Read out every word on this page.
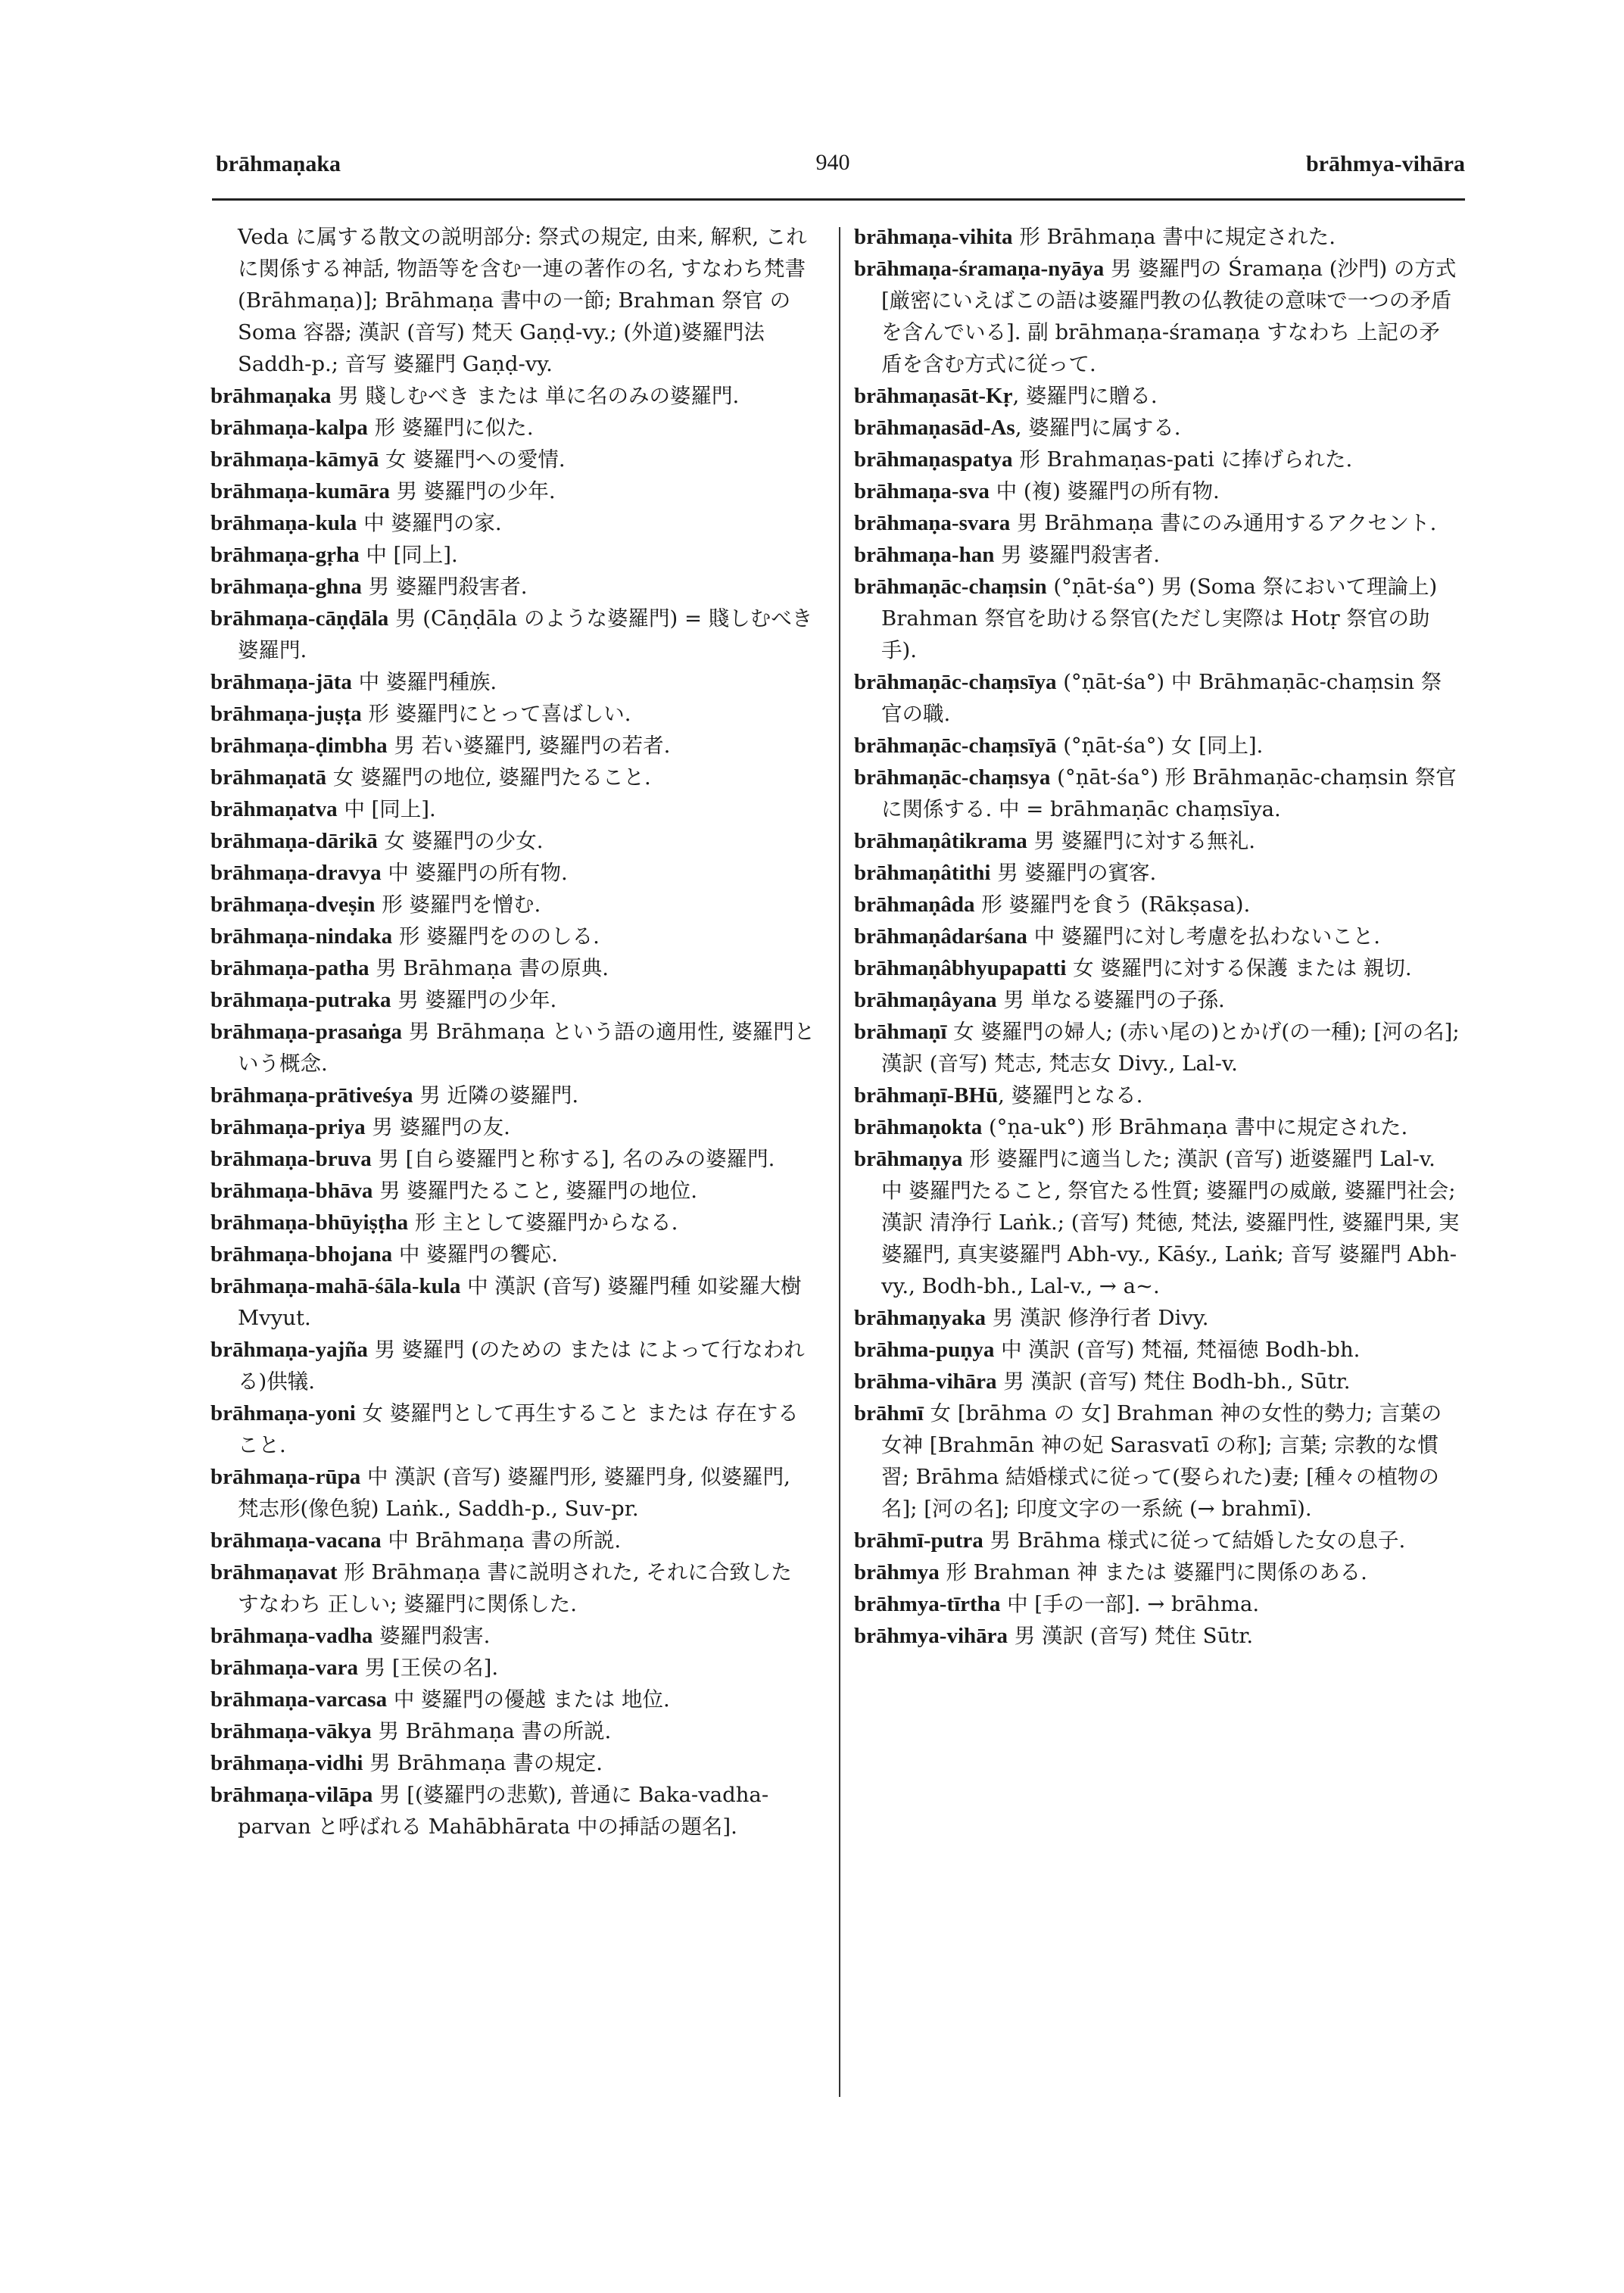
brāhmaṇaka	940	brāhmya-vihāra

Veda に属する散文の説明部分: 祭式の規定, 由来, 解釈, これに関係する神話, 物語等を含む一連の著作の名, すなわち梵書 (Brāhmaṇa)]; Brāhmaṇa 書中の一節; Brahman 祭官 のSoma 容器; 漢訳 (音写) 梵天 Gaṇḍ-vy.; (外道)婆羅門法 Saddh-p.; 音写 婆羅門 Gaṇḍ-vy.

brāhmaṇaka 男 賤しむべき または 単に名のみの婆羅門.

brāhmaṇa-kalpa 形 婆羅門に似た.

brāhmaṇa-kāmyā 女 婆羅門への愛情.

brāhmaṇa-kumāra 男 婆羅門の少年.

brāhmaṇa-kula 中 婆羅門の家.

brāhmaṇa-gṛha 中 [同上].

brāhmaṇa-ghna 男 婆羅門殺害者.

brāhmaṇa-cāṇḍāla 男 (Cāṇḍāla のような婆羅門) = 賤しむべき婆羅門.

brāhmaṇa-jāta 中 婆羅門種族.

brāhmaṇa-juṣṭa 形 婆羅門にとって喜ばしい.

brāhmaṇa-ḍimbha 男 若い婆羅門, 婆羅門の若者.

brāhmaṇatā 女 婆羅門の地位, 婆羅門たること.

brāhmaṇatva 中 [同上].

brāhmaṇa-dārikā 女 婆羅門の少女.

brāhmaṇa-dravya 中 婆羅門の所有物.

brāhmaṇa-dveṣin 形 婆羅門を憎む.

brāhmaṇa-nindaka 形 婆羅門をののしる.

brāhmaṇa-patha 男 Brāhmaṇa 書の原典.

brāhmaṇa-putraka 男 婆羅門の少年.

brāhmaṇa-prasaṅga 男 Brāhmaṇa という語の適用性, 婆羅門という概念.

brāhmaṇa-prātiveśya 男 近隣の婆羅門.

brāhmaṇa-priya 男 婆羅門の友.

brāhmaṇa-bruva 男 [自ら婆羅門と称する], 名のみの婆羅門.

brāhmaṇa-bhāva 男 婆羅門たること, 婆羅門の地位.

brāhmaṇa-bhūyiṣṭha 形 主として婆羅門からなる.

brāhmaṇa-bhojana 中 婆羅門の饗応.

brāhmaṇa-mahā-śāla-kula 中 漢訳 (音写) 婆羅門種 如娑羅大樹 Mvyut.

brāhmaṇa-yajña 男 婆羅門 (のための または によって行なわれる)供犠.

brāhmaṇa-yoni 女 婆羅門として再生すること または 存在すること.

brāhmaṇa-rūpa 中 漢訳 (音写) 婆羅門形, 婆羅門身, 似婆羅門, 梵志形(像色貌) Laṅk., Saddh-p., Suv-pr.

brāhmaṇa-vacana 中 Brāhmaṇa 書の所説.

brāhmaṇavat 形 Brāhmaṇa 書に説明された, それに合致した すなわち 正しい; 婆羅門に関係した.

brāhmaṇa-vadha 婆羅門殺害.

brāhmaṇa-vara 男 [王侯の名].

brāhmaṇa-varcasa 中 婆羅門の優越 または 地位.

brāhmaṇa-vākya 男 Brāhmaṇa 書の所説.

brāhmaṇa-vidhi 男 Brāhmaṇa 書の規定.

brāhmaṇa-vilāpa 男 [(婆羅門の悲歎), 普通に Baka-vadha-parvan と呼ばれる Mahābhārata 中の挿話の題名].

brāhmaṇa-vihita 形 Brāhmaṇa 書中に規定された.

brāhmaṇa-śramaṇa-nyāya 男 婆羅門の Śramaṇa (沙門) の方式 [厳密にいえばこの語は婆羅門教の仏教徒の意味で一つの矛盾を含んでいる]. 副 brāhmaṇa-śramaṇa すなわち 上記の矛盾を含む方式に従って.

brāhmaṇasāt-Kṛ, 婆羅門に贈る.

brāhmaṇasād-As, 婆羅門に属する.

brāhmaṇaspatya 形 Brahmaṇas-pati に捧げられた.

brāhmaṇa-sva 中 (複) 婆羅門の所有物.

brāhmaṇa-svara 男 Brāhmaṇa 書にのみ通用するアクセント.

brāhmaṇa-han 男 婆羅門殺害者.

brāhmaṇāc-chaṃsin (°ṇāt-śa°) 男 (Soma 祭において理論上) Brahman 祭官を助ける祭官(ただし実際は Hotṛ 祭官の助手).

brāhmaṇāc-chaṃsīya (°ṇāt-śa°) 中 Brāhmaṇāc-chaṃsin 祭官の職.

brāhmaṇāc-chaṃsīyā (°ṇāt-śa°) 女 [同上].

brāhmaṇāc-chaṃsya (°ṇāt-śa°) 形 Brāhmaṇāc-chaṃsin 祭官に関係する. 中 = brāhmaṇāc chaṃsīya.

brāhmaṇâtikrama 男 婆羅門に対する無礼.

brāhmaṇâtithi 男 婆羅門の賓客.

brāhmaṇâda 形 婆羅門を食う (Rākṣasa).

brāhmaṇâdarśana 中 婆羅門に対し考慮を払わないこと.

brāhmaṇâbhyupapatti 女 婆羅門に対する保護 または 親切.

brāhmaṇâyana 男 単なる婆羅門の子孫.

brāhmaṇī 女 婆羅門の婦人; (赤い尾の)とかげ(の一種); [河の名]; 漢訳 (音写) 梵志, 梵志女 Divy., Lal-v.

brāhmaṇī-BHū, 婆羅門となる.

brāhmaṇokta (°ṇa-uk°) 形 Brāhmaṇa 書中に規定された.

brāhmaṇya 形 婆羅門に適当した; 漢訳 (音写) 逝婆羅門 Lal-v. 中 婆羅門たること, 祭官たる性質; 婆羅門の威厳, 婆羅門社会; 漢訳 清浄行 Laṅk.; (音写) 梵徳, 梵法, 婆羅門性, 婆羅門果, 実婆羅門, 真実婆羅門 Abh-vy., Kāśy., Laṅk; 音写 婆羅門 Abh-vy., Bodh-bh., Lal-v., → a~.

brāhmaṇyaka 男 漢訳 修浄行者 Divy.

brāhma-puṇya 中 漢訳 (音写) 梵福, 梵福徳 Bodh-bh.

brāhma-vihāra 男 漢訳 (音写) 梵住 Bodh-bh., Sūtr.

brāhmī 女 [brāhma の 女] Brahman 神の女性的勢力; 言葉の女神 [Brahmān 神の妃 Sarasvatī の称]; 言葉; 宗教的な慣習; Brāhma 結婚様式に従って(娶られた)妻; [種々の植物の名]; [河の名]; 印度文字の一系統 (→ brahmī).

brāhmī-putra 男 Brāhma 様式に従って結婚した女の息子.

brāhmya 形 Brahman 神 または 婆羅門に関係のある.

brāhmya-tīrtha 中 [手の一部]. → brāhma.

brāhmya-vihāra 男 漢訳 (音写) 梵住 Sūtr.
